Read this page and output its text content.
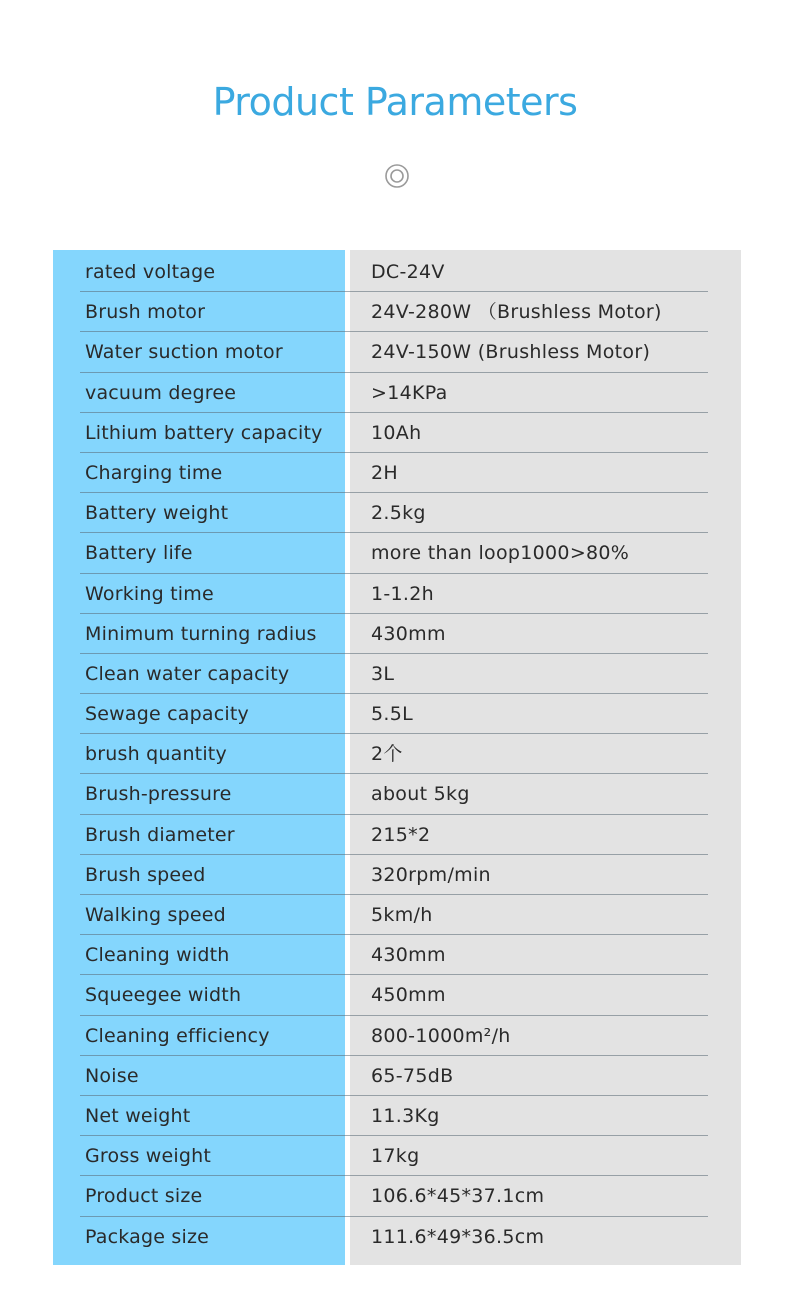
Product Parameters
rated voltage	DC-24V
Brush motor	24V-280W （Brushless Motor)
Water suction motor	24V-150W (Brushless Motor)
vacuum degree	>14KPa
Lithium battery capacity	10Ah
Charging time	2H
Battery weight	2.5kg
Battery life	more than loop1000>80%
Working time	1-1.2h
Minimum turning radius	430mm
Clean water capacity	3L
Sewage capacity	5.5L
brush quantity	2个
Brush-pressure	about 5kg
Brush diameter	215*2
Brush speed	320rpm/min
Walking speed	5km/h
Cleaning width	430mm
Squeegee width	450mm
Cleaning efficiency	800-1000m²/h
Noise	65-75dB
Net weight	11.3Kg
Gross weight	17kg
Product size	106.6*45*37.1cm
Package size	111.6*49*36.5cm
